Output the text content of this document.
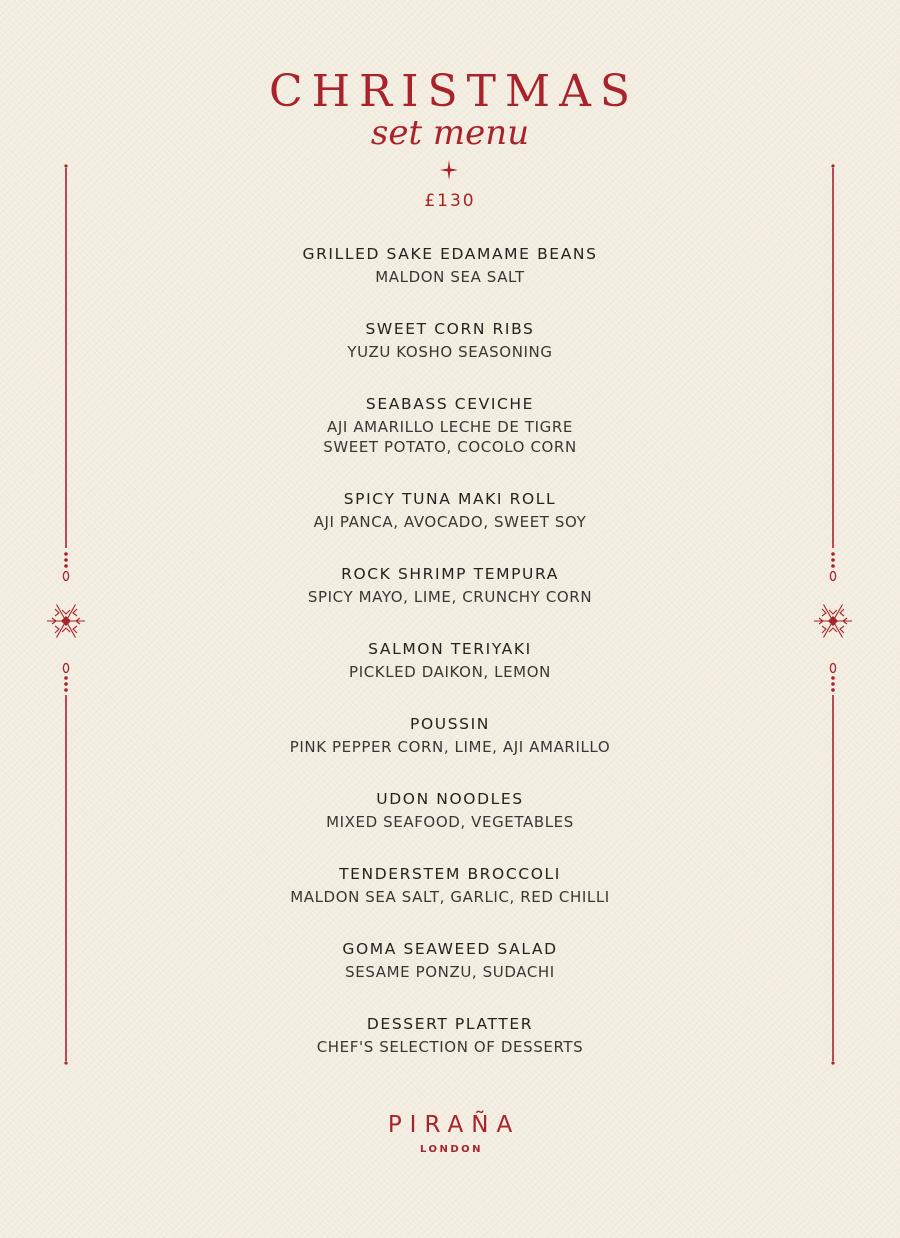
CHRISTMAS
set menu
£130
GRILLED SAKE EDAMAME BEANS
MALDON SEA SALT
SWEET CORN RIBS
YUZU KOSHO SEASONING
SEABASS CEVICHE
AJI AMARILLO LECHE DE TIGRE
SWEET POTATO, COCOLO CORN
SPICY TUNA MAKI ROLL
AJI PANCA, AVOCADO, SWEET SOY
ROCK SHRIMP TEMPURA
SPICY MAYO, LIME, CRUNCHY CORN
SALMON TERIYAKI
PICKLED DAIKON, LEMON
POUSSIN
PINK PEPPER CORN, LIME, AJI AMARILLO
UDON NOODLES
MIXED SEAFOOD, VEGETABLES
TENDERSTEM BROCCOLI
MALDON SEA SALT, GARLIC, RED CHILLI
GOMA SEAWEED SALAD
SESAME PONZU, SUDACHI
DESSERT PLATTER
CHEF'S SELECTION OF DESSERTS
PIRAÑA
LONDON
